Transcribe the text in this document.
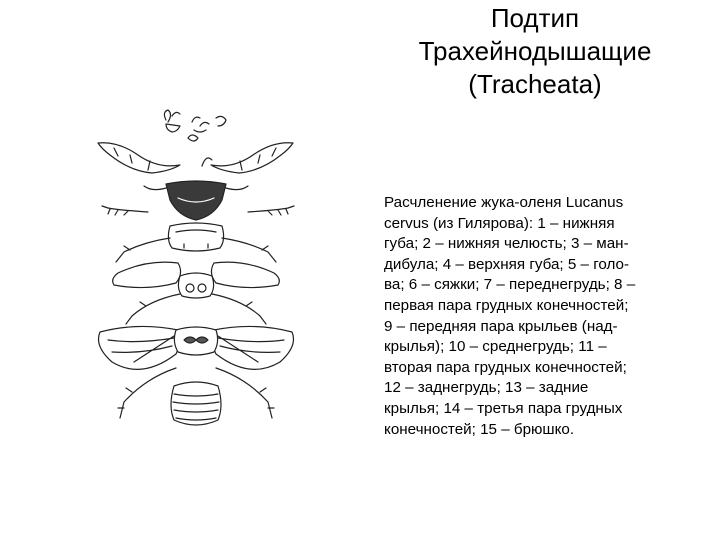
Подтип
Трахейнодышащие
(Tracheata)
Расчленение жука-оленя Lucanus
cervus (из Гилярова): 1 – нижняя
губа; 2 – нижняя челюсть; 3 – ман-
дибула; 4 – верхняя губа; 5 – голо-
ва; 6 – сяжки; 7 – переднегрудь; 8 –
первая пара грудных конечностей;
9 – передняя пара крыльев (над-
крылья); 10 – среднегрудь; 11 –
вторая пара грудных конечностей;
12 – заднегрудь; 13 – задние
крылья; 14 – третья пара грудных
конечностей; 15 – брюшко.
